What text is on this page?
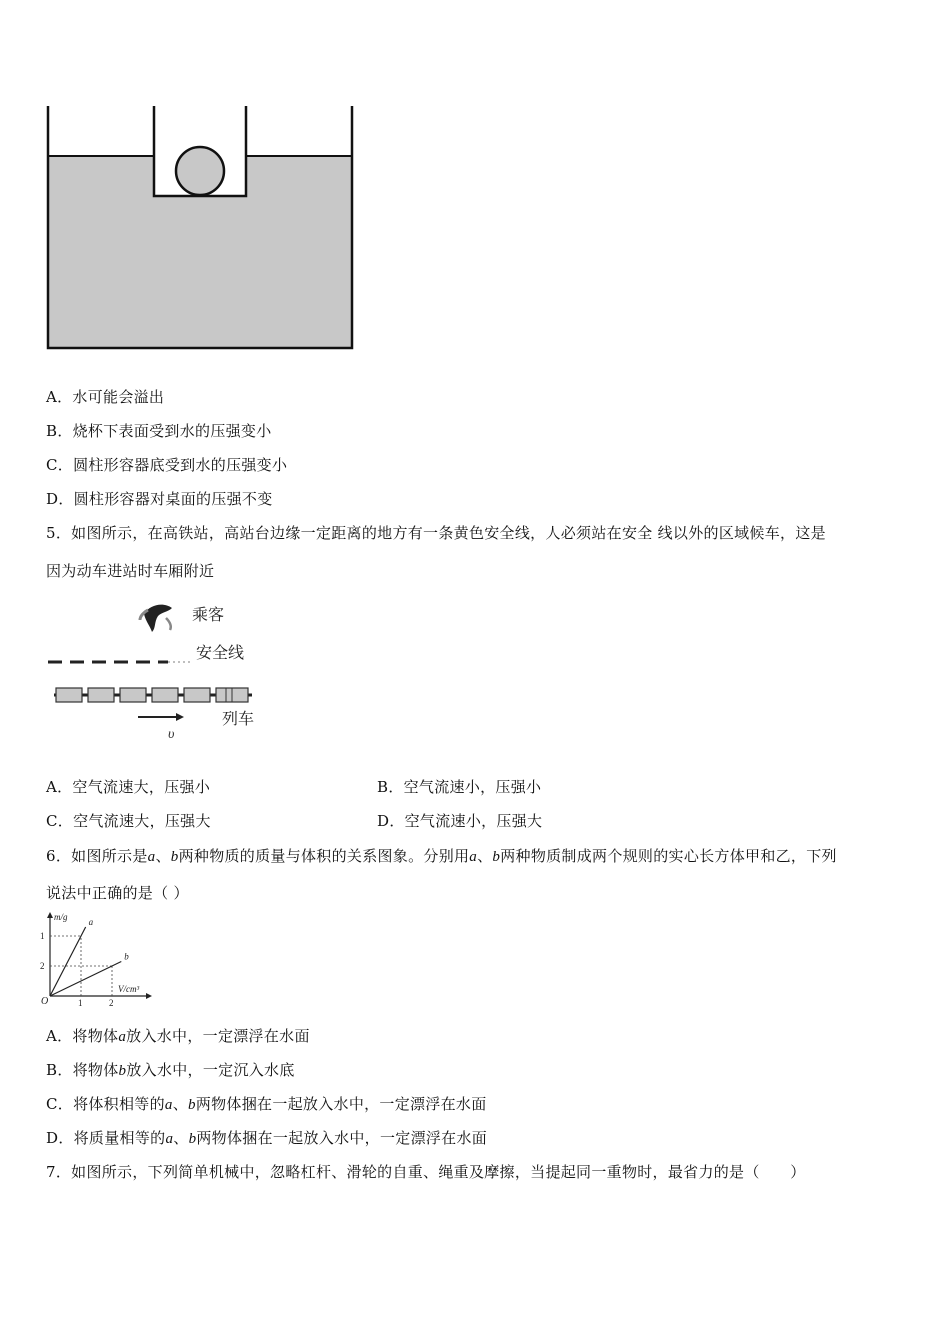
A．水可能会溢出
B．烧杯下表面受到水的压强变小
C．圆柱形容器底受到水的压强变小
D．圆柱形容器对桌面的压强不变
5．如图所示，在高铁站，高站台边缘一定距离的地方有一条黄色安全线，人必须站在安全 线以外的区域候车，这是
因为动车进站时车厢附近
乘客
安全线
υ
列车
A．空气流速大，压强小	B．空气流速小，压强小
C．空气流速大，压强大	D．空气流速小，压强大
6．如图所示是a、b两种物质的质量与体积的关系图象。分别用a、b两种物质制成两个规则的实心长方体甲和乙，下列
说法中正确的是（ ）
m/g
V/cm³
O
2
1
1	2
a
b
A．将物体a放入水中，一定漂浮在水面
B．将物体b放入水中，一定沉入水底
C．将体积相等的a、b两物体捆在一起放入水中，一定漂浮在水面
D．将质量相等的a、b两物体捆在一起放入水中，一定漂浮在水面
7．如图所示，下列简单机械中，忽略杠杆、滑轮的自重、绳重及摩擦，当提起同一重物时，最省力的是（　　）
